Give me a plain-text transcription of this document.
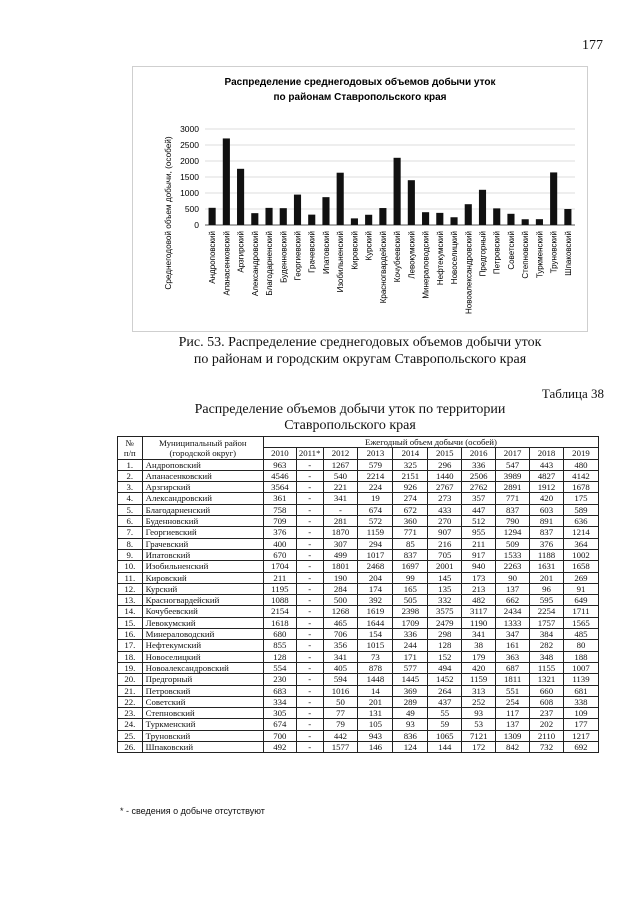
177
Распределение среднегодовых объемов добычи уток
по районам Ставропольского края
0
500
1000
1500
2000
2500
3000
Среднегодовой объем добычи, (особей)	Андроповский Апанасенковский Арзгирский Александровский Благодарненский Буденновский Георгиевский Грачевский Ипатовский Изобильненский Кировский Курский Красногвардейский Кочубеевский Левокумский Минераловодский Нефтекумский Новоселицкий Новоалександровский Предгорный Петровский Советский Степновский Туркменский Труновский Шпаковский
Рис. 53. Распределение среднегодовых объемов добычи уток
по районам и городским округам Ставропольского края
Таблица 38
Распределение объемов добычи уток по территории
Ставропольского края
№
п/п	Муниципальный район
(городской округ)	Ежегодный объем добычи (особей)									
		2010	2011*	2012	2013	2014	2015	2016	2017	2018	2019
1.	Андроповский	963	-	1267	579	325	296	336	547	443	480
2.	Апанасенковский	4546	-	540	2214	2151	1440	2506	3989	4827	4142
3.	Арзгирский	3564	-	221	224	926	2767	2762	2891	1912	1678
4.	Александровский	361	-	341	19	274	273	357	771	420	175
5.	Благодарненский	758	-	-	674	672	433	447	837	603	589
6.	Буденновский	709	-	281	572	360	270	512	790	891	636
7.	Георгиевский	376	-	1870	1159	771	907	955	1294	837	1214
8.	Грачевский	400	-	307	294	85	216	211	509	376	364
9.	Ипатовский	670	-	499	1017	837	705	917	1533	1188	1002
10.	Изобильненский	1704	-	1801	2468	1697	2001	940	2263	1631	1658
11.	Кировский	211	-	190	204	99	145	173	90	201	269
12.	Курский	1195	-	284	174	165	135	213	137	96	91
13.	Красногвардейский	1088	-	500	392	505	332	482	662	595	649
14.	Кочубеевский	2154	-	1268	1619	2398	3575	3117	2434	2254	1711
15.	Левокумский	1618	-	465	1644	1709	2479	1190	1333	1757	1565
16.	Минераловодский	680	-	706	154	336	298	341	347	384	485
17.	Нефтекумский	855	-	356	1015	244	128	38	161	282	80
18.	Новоселицкий	128	-	341	73	171	152	179	363	348	188
19.	Новоалександровский	554	-	405	878	577	494	420	687	1155	1007
20.	Предгорный	230	-	594	1448	1445	1452	1159	1811	1321	1139
21.	Петровский	683	-	1016	14	369	264	313	551	660	681
22.	Советский	334	-	50	201	289	437	252	254	608	338
23.	Степновский	305	-	77	131	49	55	93	117	237	109
24.	Туркменский	674	-	79	105	93	59	53	137	202	177
25.	Труновский	700	-	442	943	836	1065	7121	1309	2110	1217
26.	Шпаковский	492	-	1577	146	124	144	172	842	732	692
* - сведения о добыче отсутствуют
